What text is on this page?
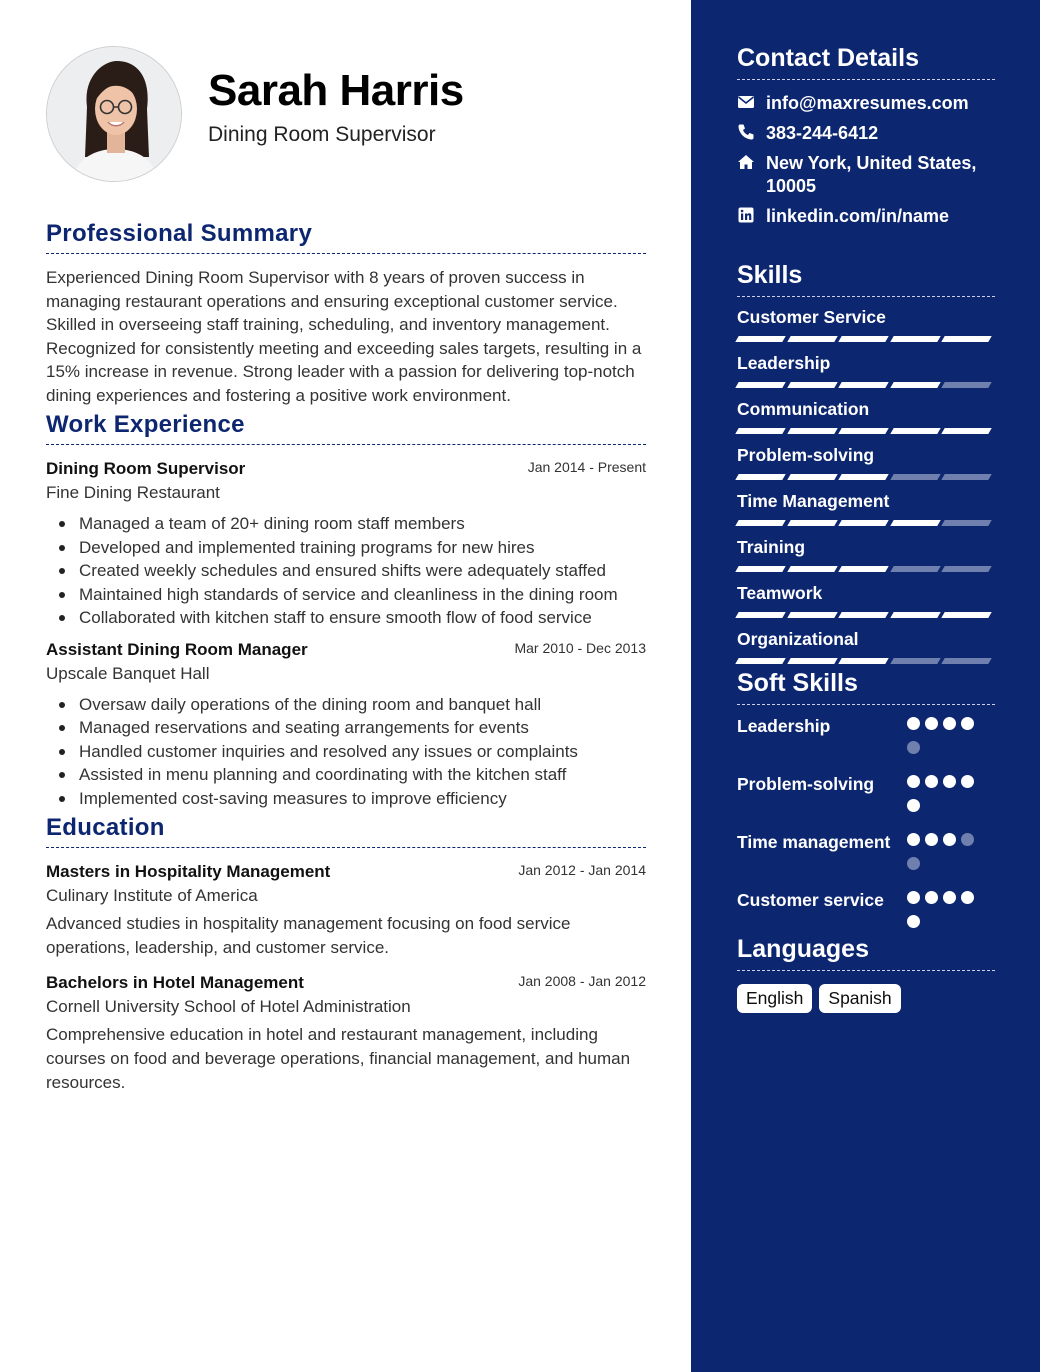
Sarah Harris
Dining Room Supervisor
Professional Summary
Experienced Dining Room Supervisor with 8 years of proven success in managing restaurant operations and ensuring exceptional customer service. Skilled in overseeing staff training, scheduling, and inventory management. Recognized for consistently meeting and exceeding sales targets, resulting in a 15% increase in revenue. Strong leader with a passion for delivering top-notch dining experiences and fostering a positive work environment.
Work Experience
Dining Room Supervisor	Jan 2014 - Present
Fine Dining Restaurant
Managed a team of 20+ dining room staff members
Developed and implemented training programs for new hires
Created weekly schedules and ensured shifts were adequately staffed
Maintained high standards of service and cleanliness in the dining room
Collaborated with kitchen staff to ensure smooth flow of food service
Assistant Dining Room Manager	Mar 2010 - Dec 2013
Upscale Banquet Hall
Oversaw daily operations of the dining room and banquet hall
Managed reservations and seating arrangements for events
Handled customer inquiries and resolved any issues or complaints
Assisted in menu planning and coordinating with the kitchen staff
Implemented cost-saving measures to improve efficiency
Education
Masters in Hospitality Management	Jan 2012 - Jan 2014
Culinary Institute of America
Advanced studies in hospitality management focusing on food service operations, leadership, and customer service.
Bachelors in Hotel Management	Jan 2008 - Jan 2012
Cornell University School of Hotel Administration
Comprehensive education in hotel and restaurant management, including courses on food and beverage operations, financial management, and human resources.
Contact Details
info@maxresumes.com
383-244-6412
New York, United States, 10005
linkedin.com/in/name
Skills
Customer Service
Leadership
Communication
Problem-solving
Time Management
Training
Teamwork
Organizational
Soft Skills
Leadership
Problem-solving
Time management
Customer service
Languages
English	Spanish
